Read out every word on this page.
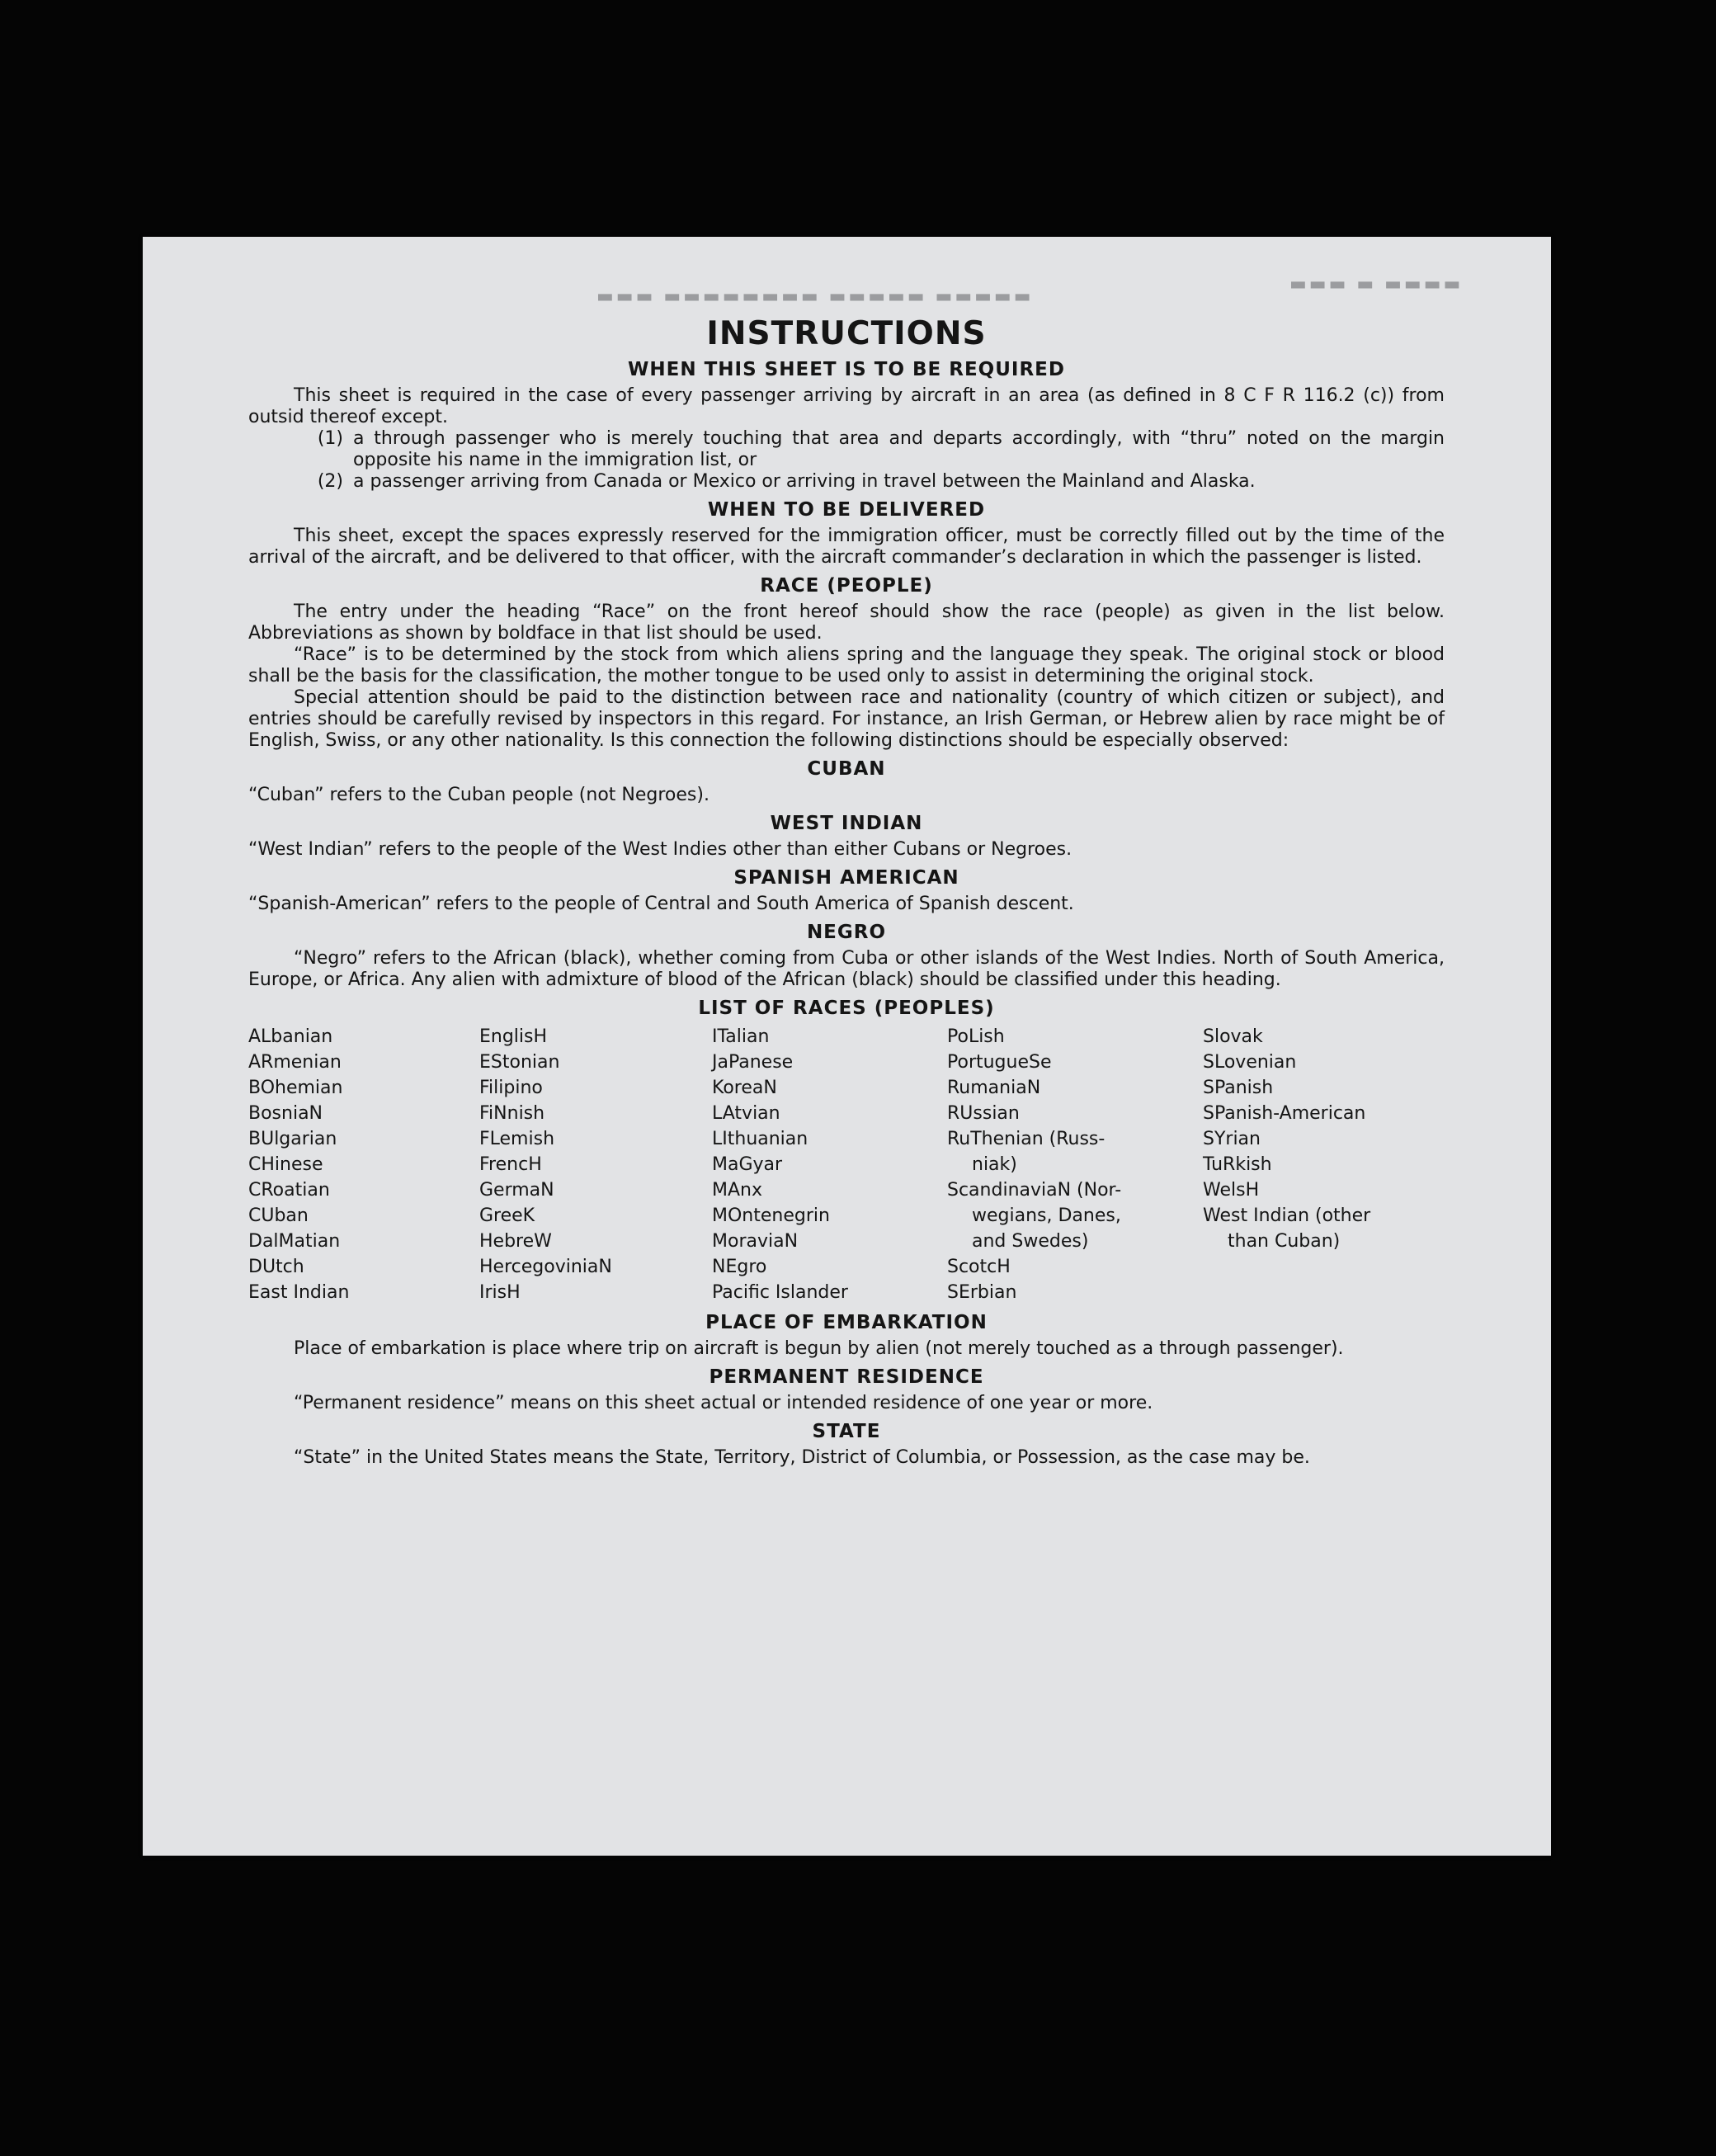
▬▬▬ ▬▬▬▬▬▬▬▬ ▬▬▬▬▬ ▬▬▬▬▬
▬▬▬ ▬ ▬▬▬▬
INSTRUCTIONS
WHEN THIS SHEET IS TO BE REQUIRED

This sheet is required in the case of every passenger arriving by aircraft in an area (as defined in 8 C F R 116.2 (c)) from outsid thereof except.

(1) a through passenger who is merely touching that area and departs accordingly, with “thru” noted on the margin opposite his name in the immigration list, or
(2) a passenger arriving from Canada or Mexico or arriving in travel between the Mainland and Alaska.
WHEN TO BE DELIVERED

This sheet, except the spaces expressly reserved for the immigration officer, must be correctly filled out by the time of the arrival of the aircraft, and be delivered to that officer, with the aircraft commander’s declaration in which the passenger is listed.

RACE (PEOPLE)

The entry under the heading “Race” on the front hereof should show the race (people) as given in the list below. Abbreviations as shown by boldface in that list should be used.

“Race” is to be determined by the stock from which aliens spring and the language they speak. The original stock or blood shall be the basis for the classification, the mother tongue to be used only to assist in determining the original stock.

Special attention should be paid to the distinction between race and nationality (country of which citizen or subject), and entries should be carefully revised by inspectors in this regard. For instance, an Irish German, or Hebrew alien by race might be of English, Swiss, or any other nationality. Is this connection the following distinctions should be especially observed:

CUBAN

“Cuban” refers to the Cuban people (not Negroes).

WEST INDIAN

“West Indian” refers to the people of the West Indies other than either Cubans or Negroes.

SPANISH AMERICAN

“Spanish-American” refers to the people of Central and South America of Spanish descent.

NEGRO

“Negro” refers to the African (black), whether coming from Cuba or other islands of the West Indies. North of South America, Europe, or Africa. Any alien with admixture of blood of the African (black) should be classified under this heading.

LIST OF RACES (PEOPLES)
ALbanian
ARmenian
BOhemian
BosniaN
BUlgarian
CHinese
CRoatian
CUban
DalMatian
DUtch
East Indian
EnglisH
EStonian
Filipino
FiNnish
FLemish
FrencH
GermaN
GreeK
HebreW
HercegoviniaN
IrisH
ITalian
JaPanese
KoreaN
LAtvian
LIthuanian
MaGyar
MAnx
MOntenegrin
MoraviaN
NEgro
Pacific Islander
PoLish
PortugueSe
RumaniaN
RUssian
RuThenian (Russ-
niak)
ScandinaviaN (Nor-
wegians, Danes,
and Swedes)
ScotcH
SErbian
Slovak
SLovenian
SPanish
SPanish-American
SYrian
TuRkish
WelsH
West Indian (other
than Cuban)
PLACE OF EMBARKATION

Place of embarkation is place where trip on aircraft is begun by alien (not merely touched as a through passenger).

PERMANENT RESIDENCE

“Permanent residence” means on this sheet actual or intended residence of one year or more.

STATE

“State” in the United States means the State, Territory, District of Columbia, or Possession, as the case may be.
